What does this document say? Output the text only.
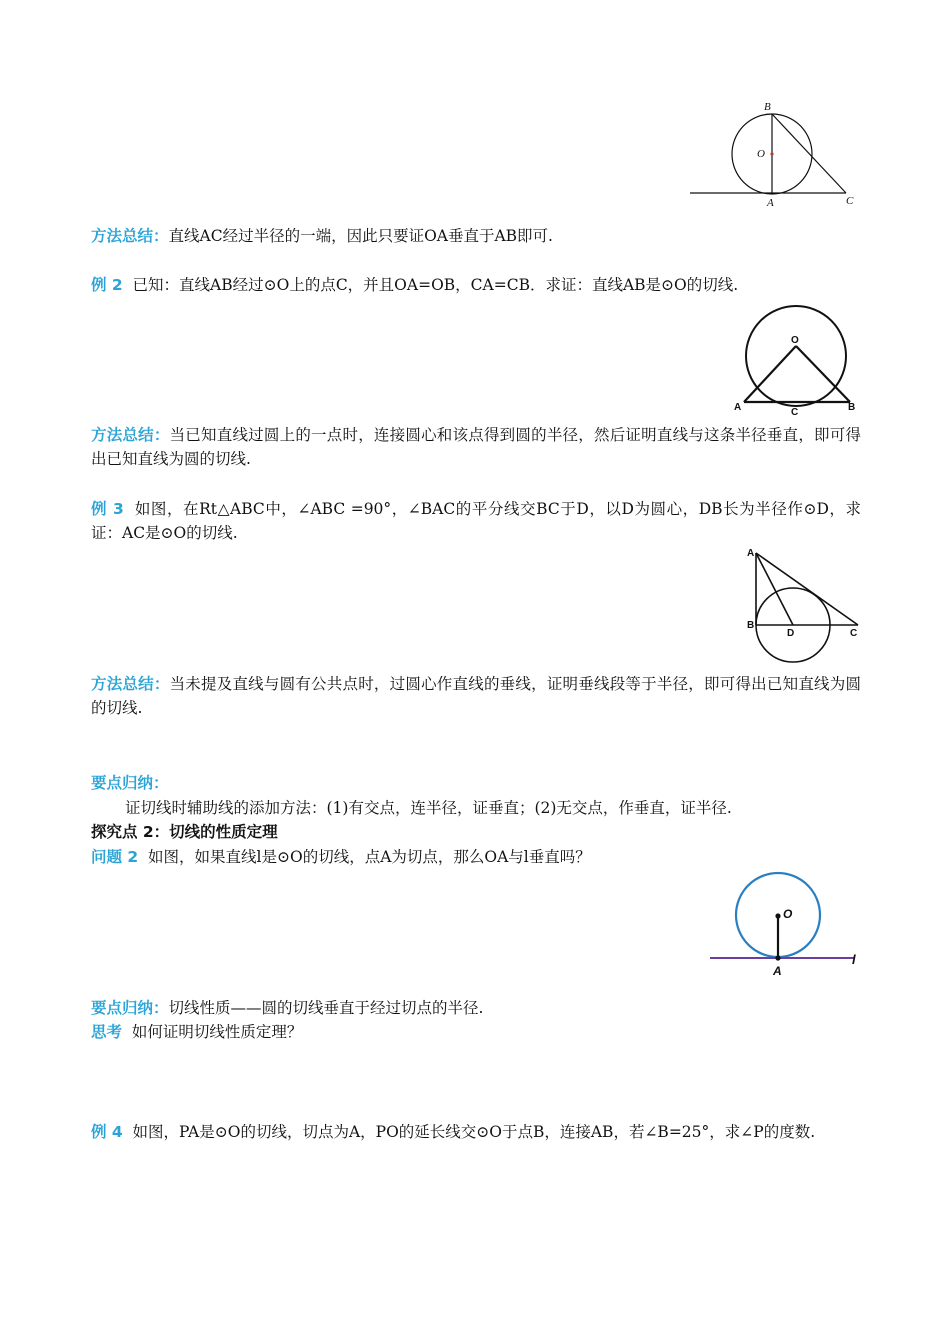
B
O
A	C
方法总结：直线AC经过半径的一端，因此只要证OA垂直于AB即可.
例 2 已知：直线AB经过⊙O上的点C，并且OA=OB，CA=CB．求证：直线AB是⊙O的切线.
O
A	C	B
方法总结：当已知直线过圆上的一点时，连接圆心和该点得到圆的半径，然后证明直线与这条半径垂直，即可得出已知直线为圆的切线.
例 3 如图，在Rt△ABC中，∠ABC =90°，∠BAC的平分线交BC于D，以D为圆心，DB长为半径作⊙D，求证：AC是⊙O的切线.
A
B
D	C
方法总结：当未提及直线与圆有公共点时，过圆心作直线的垂线，证明垂线段等于半径，即可得出已知直线为圆的切线.
要点归纳：
证切线时辅助线的添加方法：(1)有交点，连半径，证垂直；(2)无交点，作垂直，证半径.
探究点 2：切线的性质定理
问题 2 如图，如果直线l是⊙O的切线，点A为切点，那么OA与l垂直吗？
O
A
l
要点归纳：切线性质——圆的切线垂直于经过切点的半径.
思考 如何证明切线性质定理？
例 4 如图，PA是⊙O的切线，切点为A，PO的延长线交⊙O于点B，连接AB，若∠B=25°，求∠P的度数.
